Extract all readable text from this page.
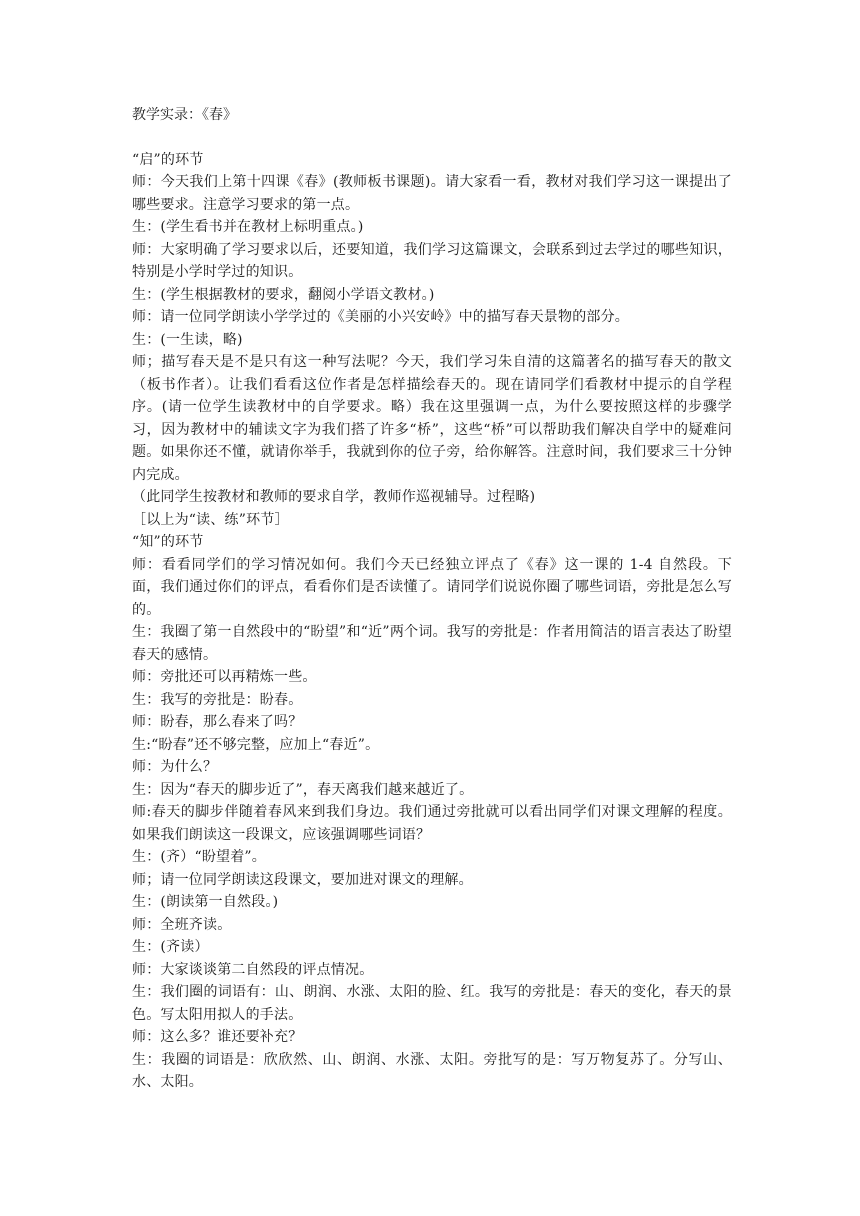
教学实录：《春》

“启”的环节

师：今天我们上第十四课《春》(教师板书课题)。请大家看一看，教材对我们学习这一课提出了哪些要求。注意学习要求的第一点。

生：(学生看书并在教材上标明重点。)

师：大家明确了学习要求以后，还要知道，我们学习这篇课文，会联系到过去学过的哪些知识，特别是小学时学过的知识。

生：(学生根据教材的要求，翻阅小学语文教材。)

师：请一位同学朗读小学学过的《美丽的小兴安岭》中的描写春天景物的部分。

生：(一生读，略)

师；描写春天是不是只有这一种写法呢？今天，我们学习朱自清的这篇著名的描写春天的散文（板书作者）。让我们看看这位作者是怎样描绘春天的。现在请同学们看教材中提示的自学程序。(请一位学生读教材中的自学要求。略）我在这里强调一点，为什么要按照这样的步骤学习，因为教材中的辅读文字为我们搭了许多“桥”，这些“桥”可以帮助我们解决自学中的疑难问题。如果你还不懂，就请你举手，我就到你的位子旁，给你解答。注意时间，我们要求三十分钟内完成。

（此同学生按教材和教师的要求自学，教师作巡视辅导。过程略)

［以上为“读、练”环节］

“知”的环节

师：看看同学们的学习情况如何。我们今天已经独立评点了《春》这一课的 1-4 自然段。下面，我们通过你们的评点，看看你们是否读懂了。请同学们说说你圈了哪些词语，旁批是怎么写的。

生：我圈了第一自然段中的“盼望”和“近”两个词。我写的旁批是：作者用简洁的语言表达了盼望春天的感情。

师：旁批还可以再精炼一些。

生：我写的旁批是：盼春。

师：盼春，那么春来了吗？

生:“盼春”还不够完整，应加上“春近”。

师：为什么？

生：因为“春天的脚步近了”，春天离我们越来越近了。

师:春天的脚步伴随着春风来到我们身边。我们通过旁批就可以看出同学们对课文理解的程度。如果我们朗读这一段课文，应该强调哪些词语？

生：(齐）“盼望着”。

师；请一位同学朗读这段课文，要加进对课文的理解。

生：(朗读第一自然段。)

师：全班齐读。

生：(齐读）

师：大家谈谈第二自然段的评点情况。

生：我们圈的词语有：山、朗润、水涨、太阳的脸、红。我写的旁批是：春天的变化，春天的景色。写太阳用拟人的手法。

师：这么多？谁还要补充？

生：我圈的词语是：欣欣然、山、朗润、水涨、太阳。旁批写的是：写万物复苏了。分写山、水、太阳。
